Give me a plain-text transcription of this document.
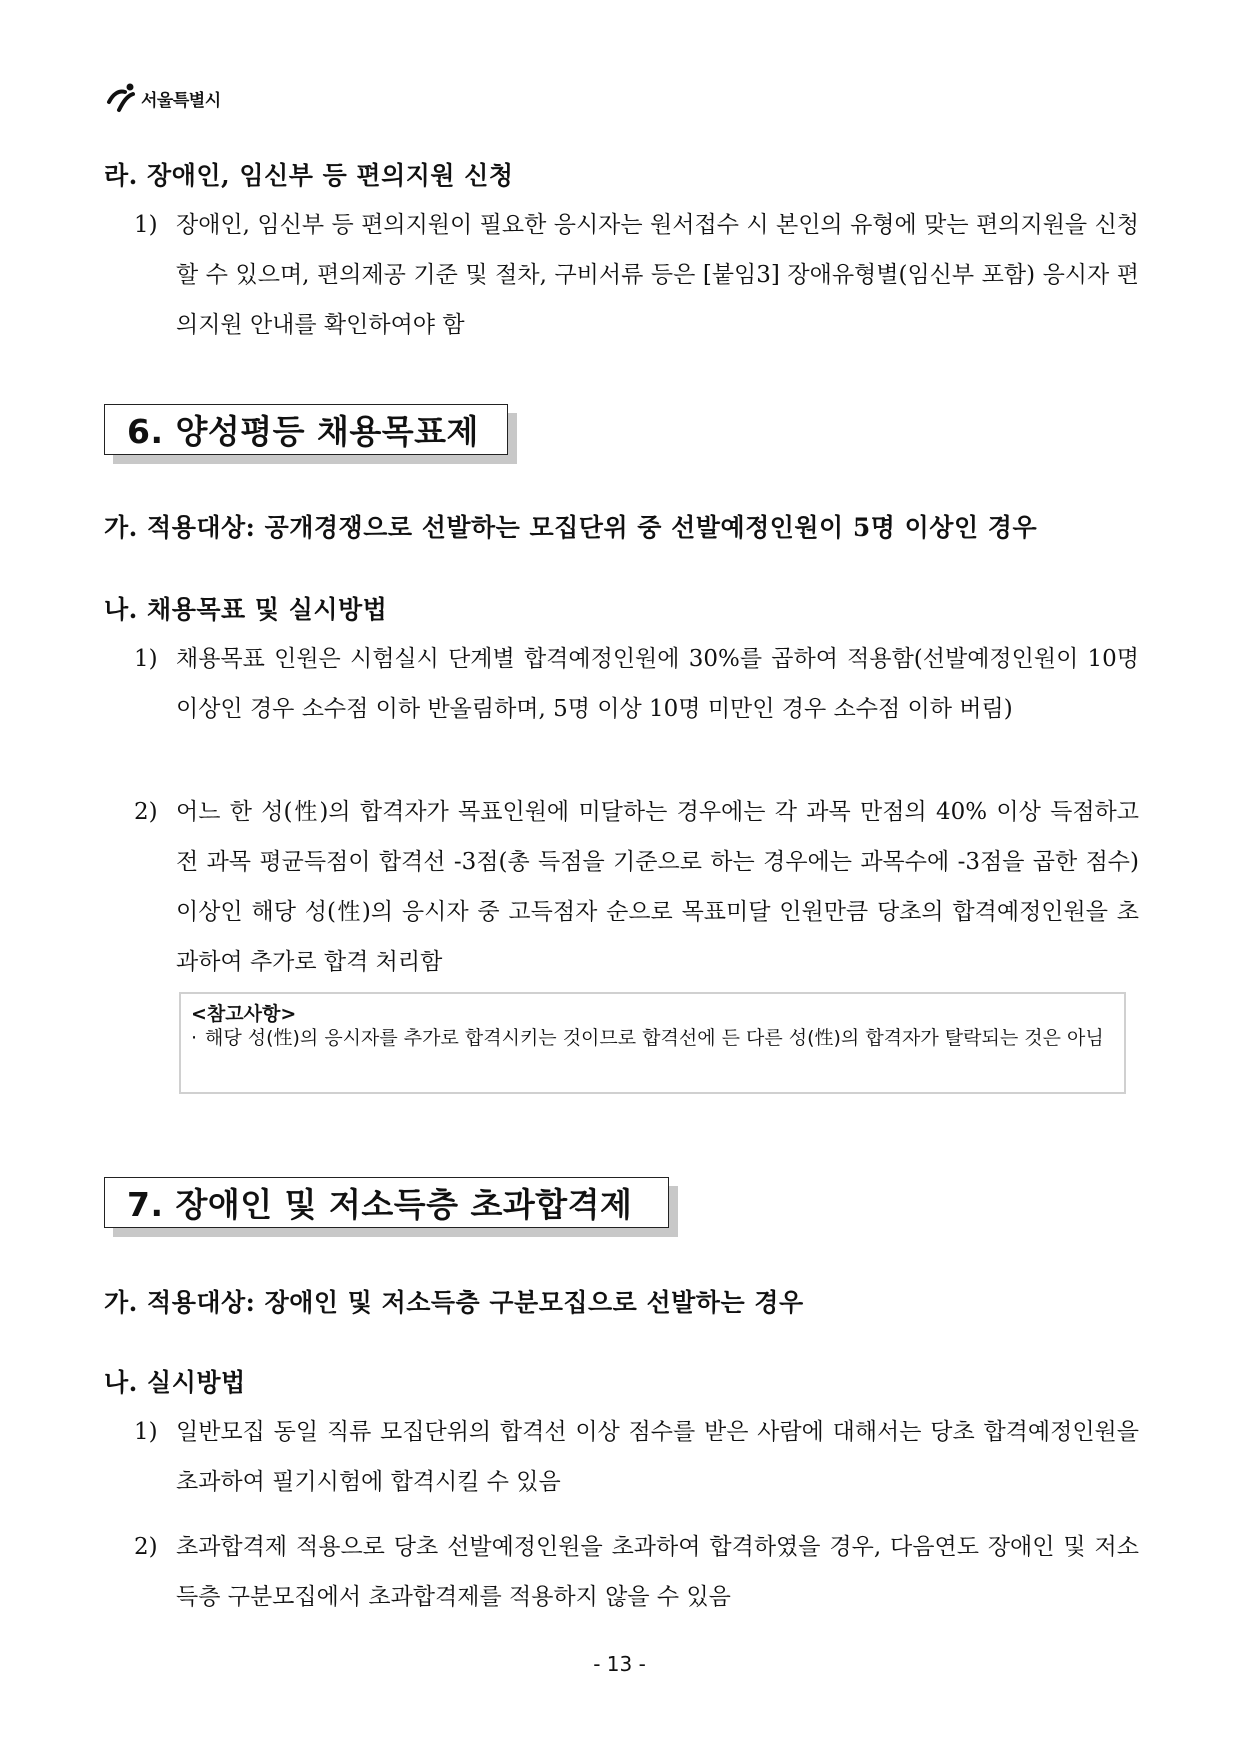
서울특별시
라. 장애인, 임신부 등 편의지원 신청
1) 장애인, 임신부 등 편의지원이 필요한 응시자는 원서접수 시 본인의 유형에 맞는 편의지원을 신청할 수 있으며, 편의제공 기준 및 절차, 구비서류 등은 [붙임3] 장애유형별(임신부 포함) 응시자 편의지원 안내를 확인하여야 함
6. 양성평등 채용목표제
가. 적용대상: 공개경쟁으로 선발하는 모집단위 중 선발예정인원이 5명 이상인 경우
나. 채용목표 및 실시방법
1) 채용목표 인원은 시험실시 단계별 합격예정인원에 30%를 곱하여 적용함(선발예정인원이 10명 이상인 경우 소수점 이하 반올림하며, 5명 이상 10명 미만인 경우 소수점 이하 버림)
2) 어느 한 성(性)의 합격자가 목표인원에 미달하는 경우에는 각 과목 만점의 40% 이상 득점하고 전 과목 평균득점이 합격선 -3점(총 득점을 기준으로 하는 경우에는 과목수에 -3점을 곱한 점수) 이상인 해당 성(性)의 응시자 중 고득점자 순으로 목표미달 인원만큼 당초의 합격예정인원을 초과하여 추가로 합격 처리함
<참고사항>
· 해당 성(性)의 응시자를 추가로 합격시키는 것이므로 합격선에 든 다른 성(性)의 합격자가 탈락되는 것은 아님
7. 장애인 및 저소득층 초과합격제
가. 적용대상: 장애인 및 저소득층 구분모집으로 선발하는 경우
나. 실시방법
1) 일반모집 동일 직류 모집단위의 합격선 이상 점수를 받은 사람에 대해서는 당초 합격예정인원을 초과하여 필기시험에 합격시킬 수 있음
2) 초과합격제 적용으로 당초 선발예정인원을 초과하여 합격하였을 경우, 다음연도 장애인 및 저소득층 구분모집에서 초과합격제를 적용하지 않을 수 있음
- 13 -
